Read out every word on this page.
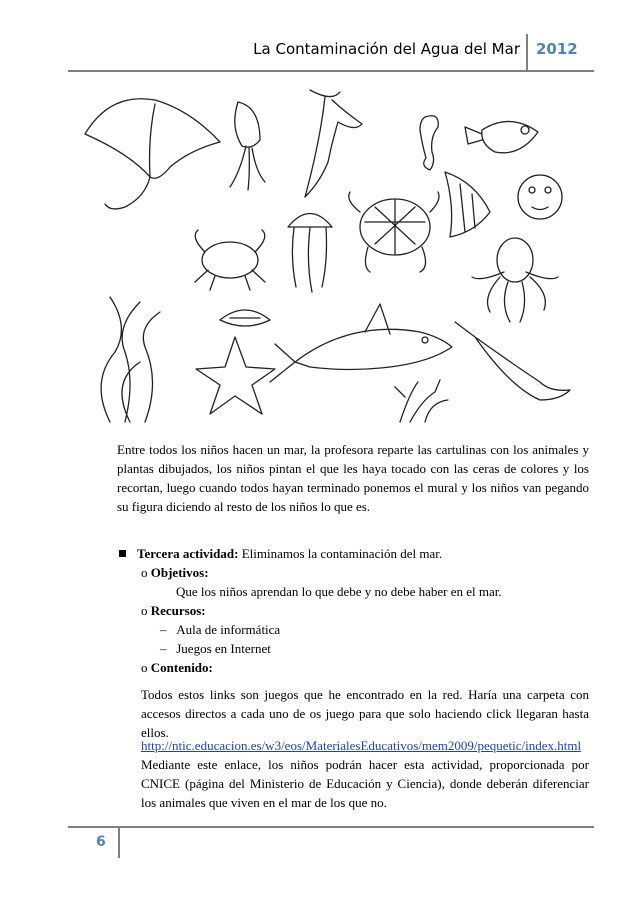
La Contaminación del Agua del Mar 2012
Entre todos los niños hacen un mar, la profesora reparte las cartulinas con los animales y plantas dibujados, los niños pintan el que les haya tocado con las ceras de colores y los recortan, luego cuando todos hayan terminado ponemos el mural y los niños van pegando su figura diciendo al resto de los niños lo que es.
Tercera actividad: Eliminamos la contaminación del mar.
o Objetivos:
Que los niños aprendan lo que debe y no debe haber en el mar.
o Recursos:
– Aula de informática
– Juegos en Internet
o Contenido:
Todos estos links son juegos que he encontrado en la red. Haría una carpeta con accesos directos a cada uno de os juego para que solo haciendo click llegaran hasta ellos.
http://ntic.educacion.es/w3/eos/MaterialesEducativos/mem2009/pequetic/index.html
Mediante este enlace, los niños podrán hacer esta actividad, proporcionada por CNICE (página del Ministerio de Educación y Ciencia), donde deberán diferenciar los animales que viven en el mar de los que no.
6
